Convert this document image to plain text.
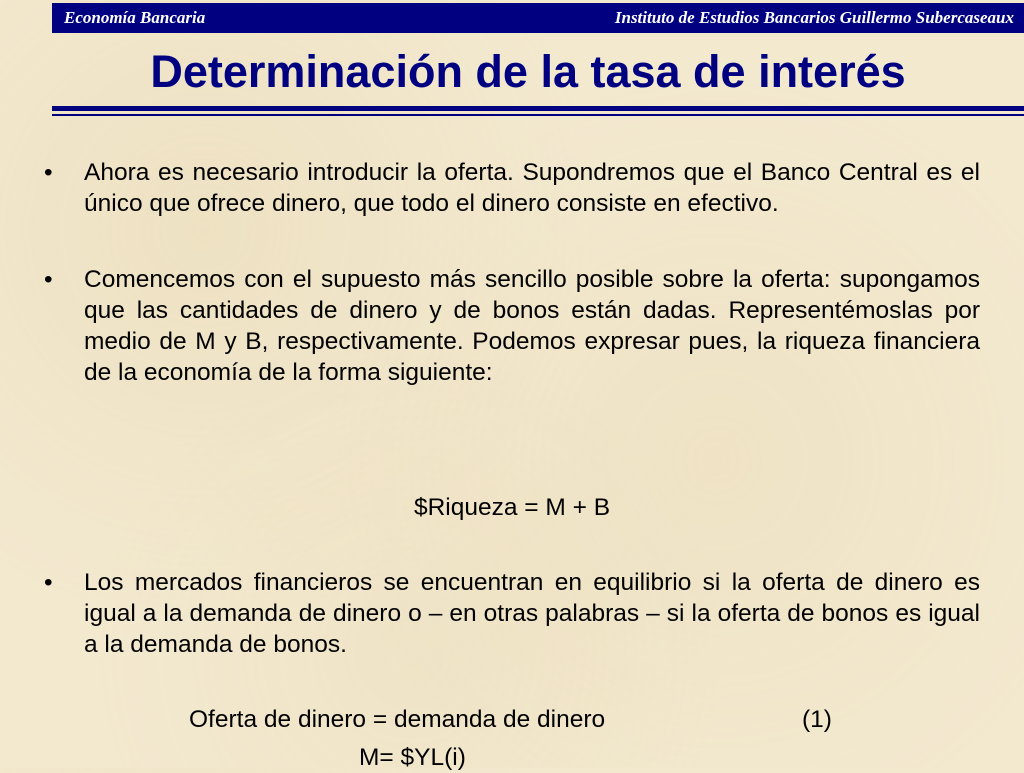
Economía Bancaria	Instituto de Estudios Bancarios Guillermo Subercaseaux
Determinación de la tasa de interés
• Ahora es necesario introducir la oferta. Supondremos que el Banco Central es el único que ofrece dinero, que todo el dinero consiste en efectivo.
• Comencemos con el supuesto más sencillo posible sobre la oferta: supongamos que las cantidades de dinero y de bonos están dadas. Representémoslas por medio de M y B, respectivamente. Podemos expresar pues, la riqueza financiera de la economía de la forma siguiente:
$Riqueza = M + B
• Los mercados financieros se encuentran en equilibrio si la oferta de dinero es igual a la demanda de dinero o – en otras palabras – si la oferta de bonos es igual a la demanda de bonos.
Oferta de dinero = demanda de dinero	(1)
M= $YL(i)
